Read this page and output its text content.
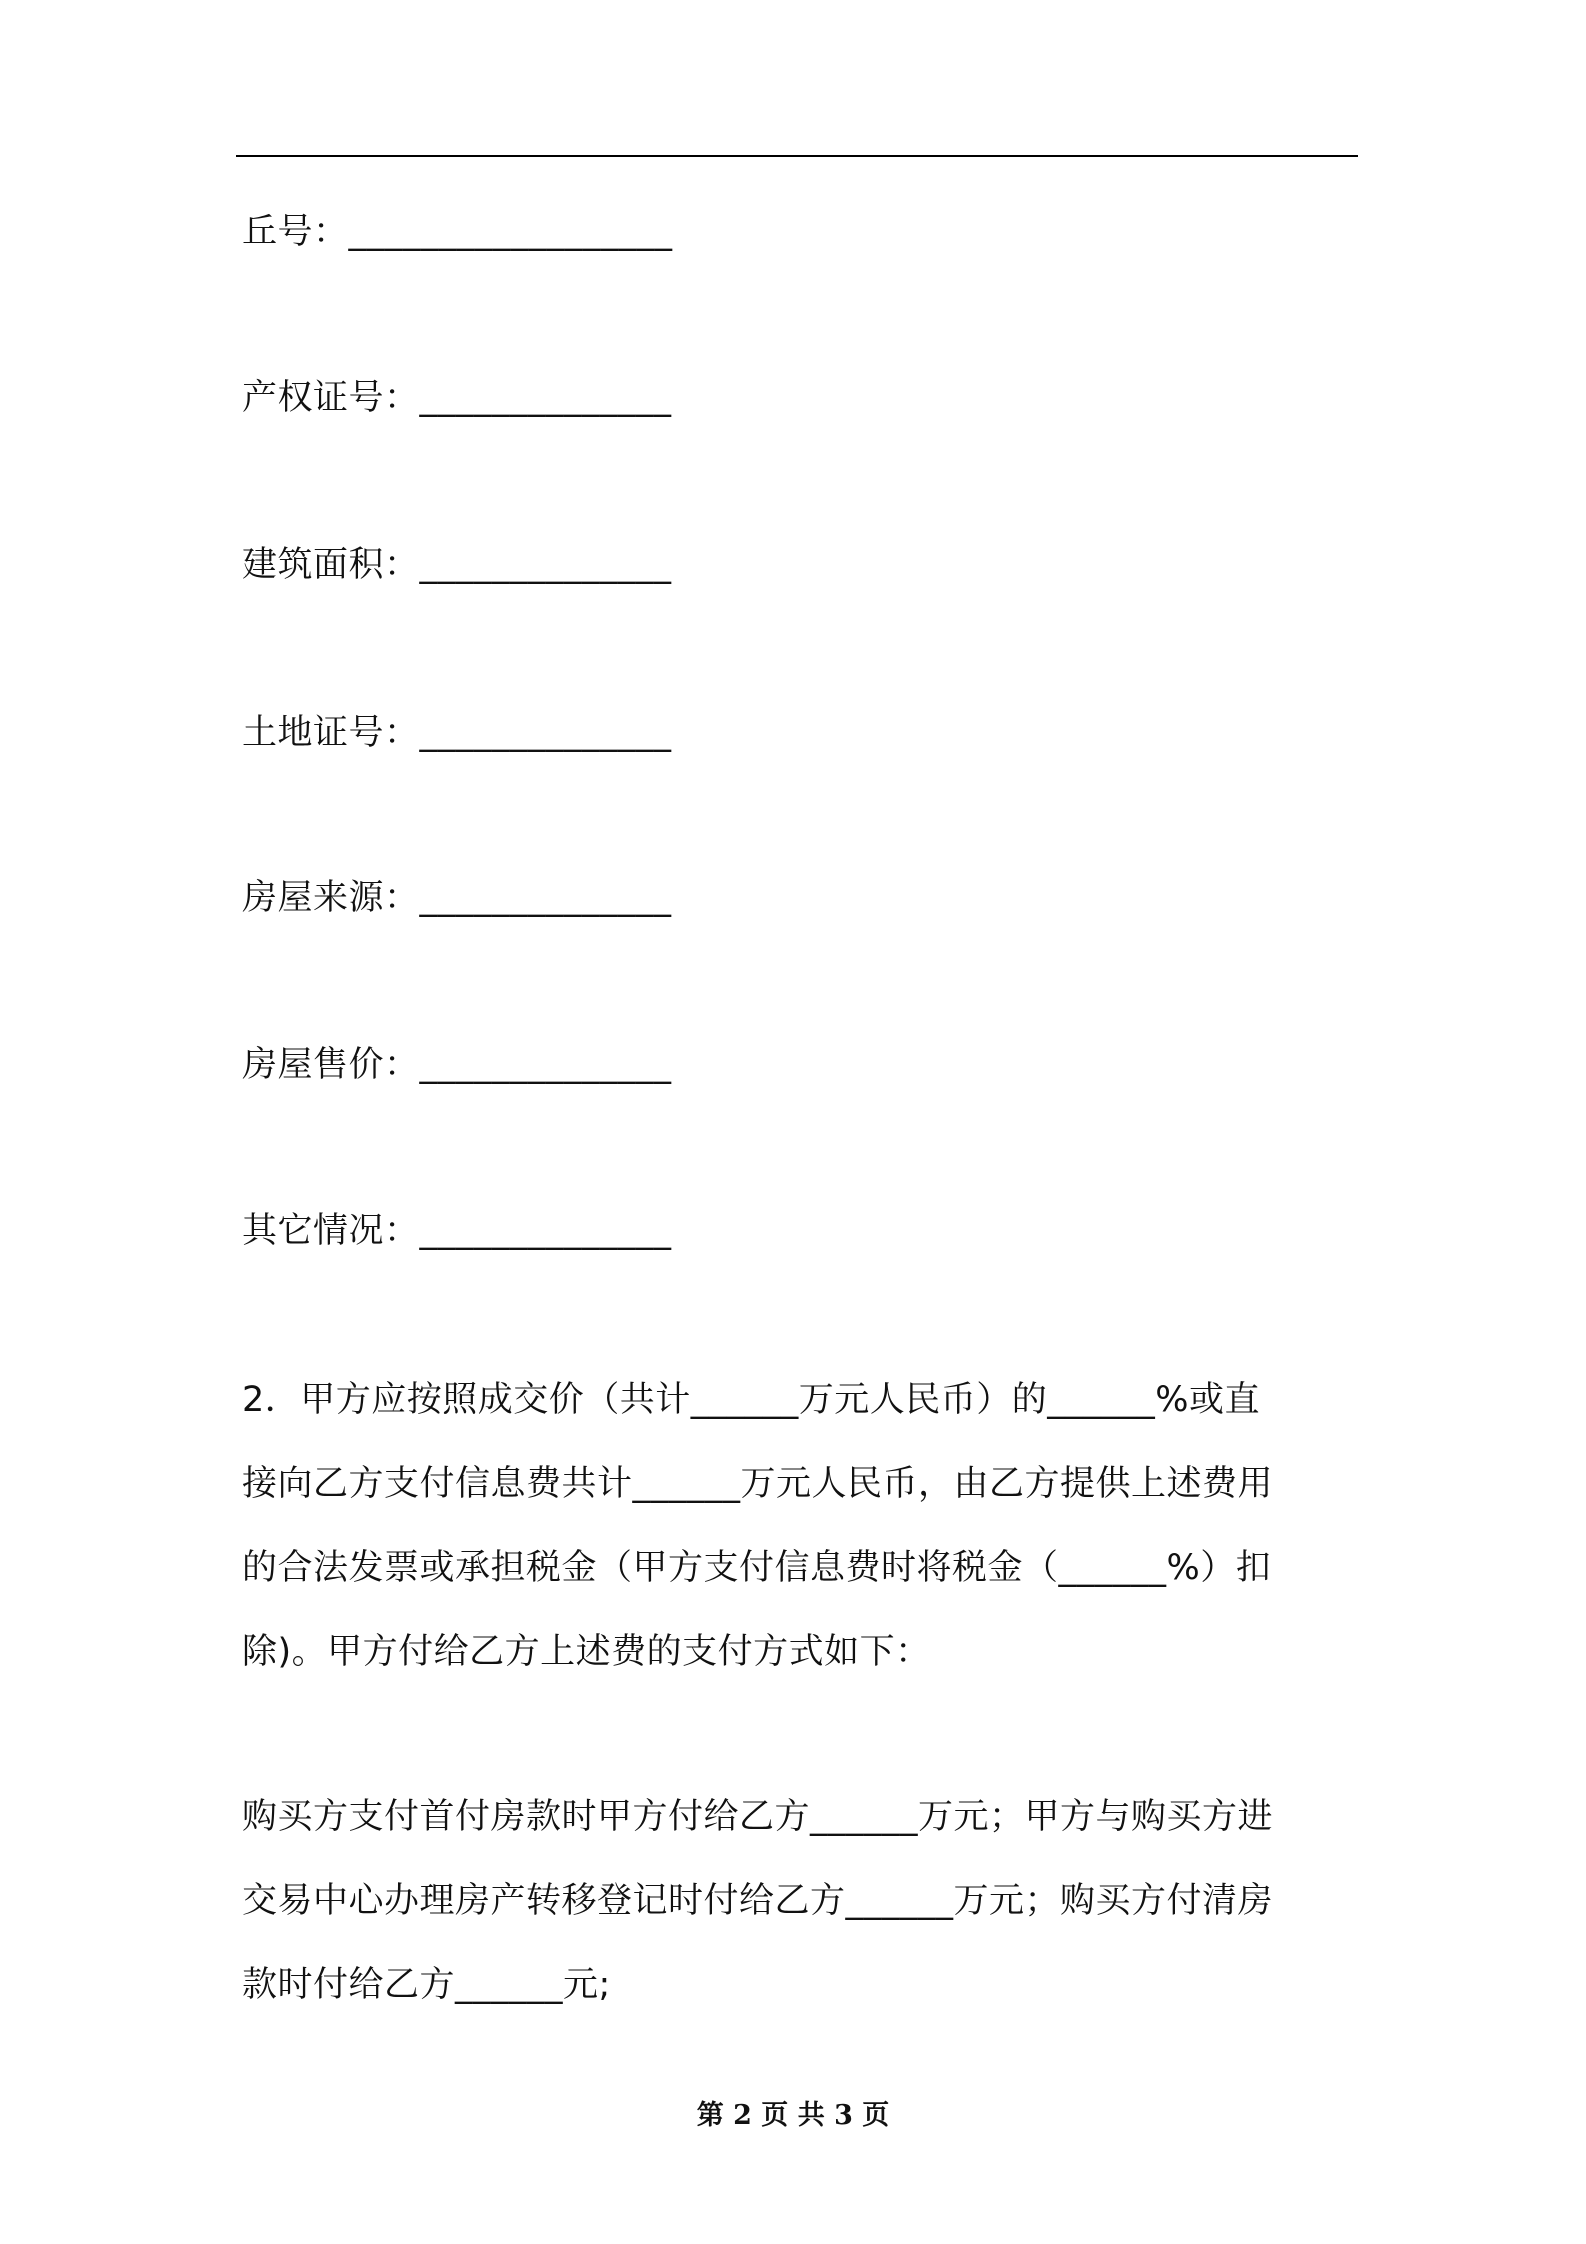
丘号：__________________
产权证号：______________
建筑面积：______________
土地证号：______________
房屋来源：______________
房屋售价：______________
其它情况：______________
2．甲方应按照成交价（共计______万元人民币）的______%或直
接向乙方支付信息费共计______万元人民币，由乙方提供上述费用
的合法发票或承担税金（甲方支付信息费时将税金（______%）扣
除)。甲方付给乙方上述费的支付方式如下：
购买方支付首付房款时甲方付给乙方______万元；甲方与购买方进
交易中心办理房产转移登记时付给乙方______万元；购买方付清房
款时付给乙方______元;
第 2 页 共 3 页
